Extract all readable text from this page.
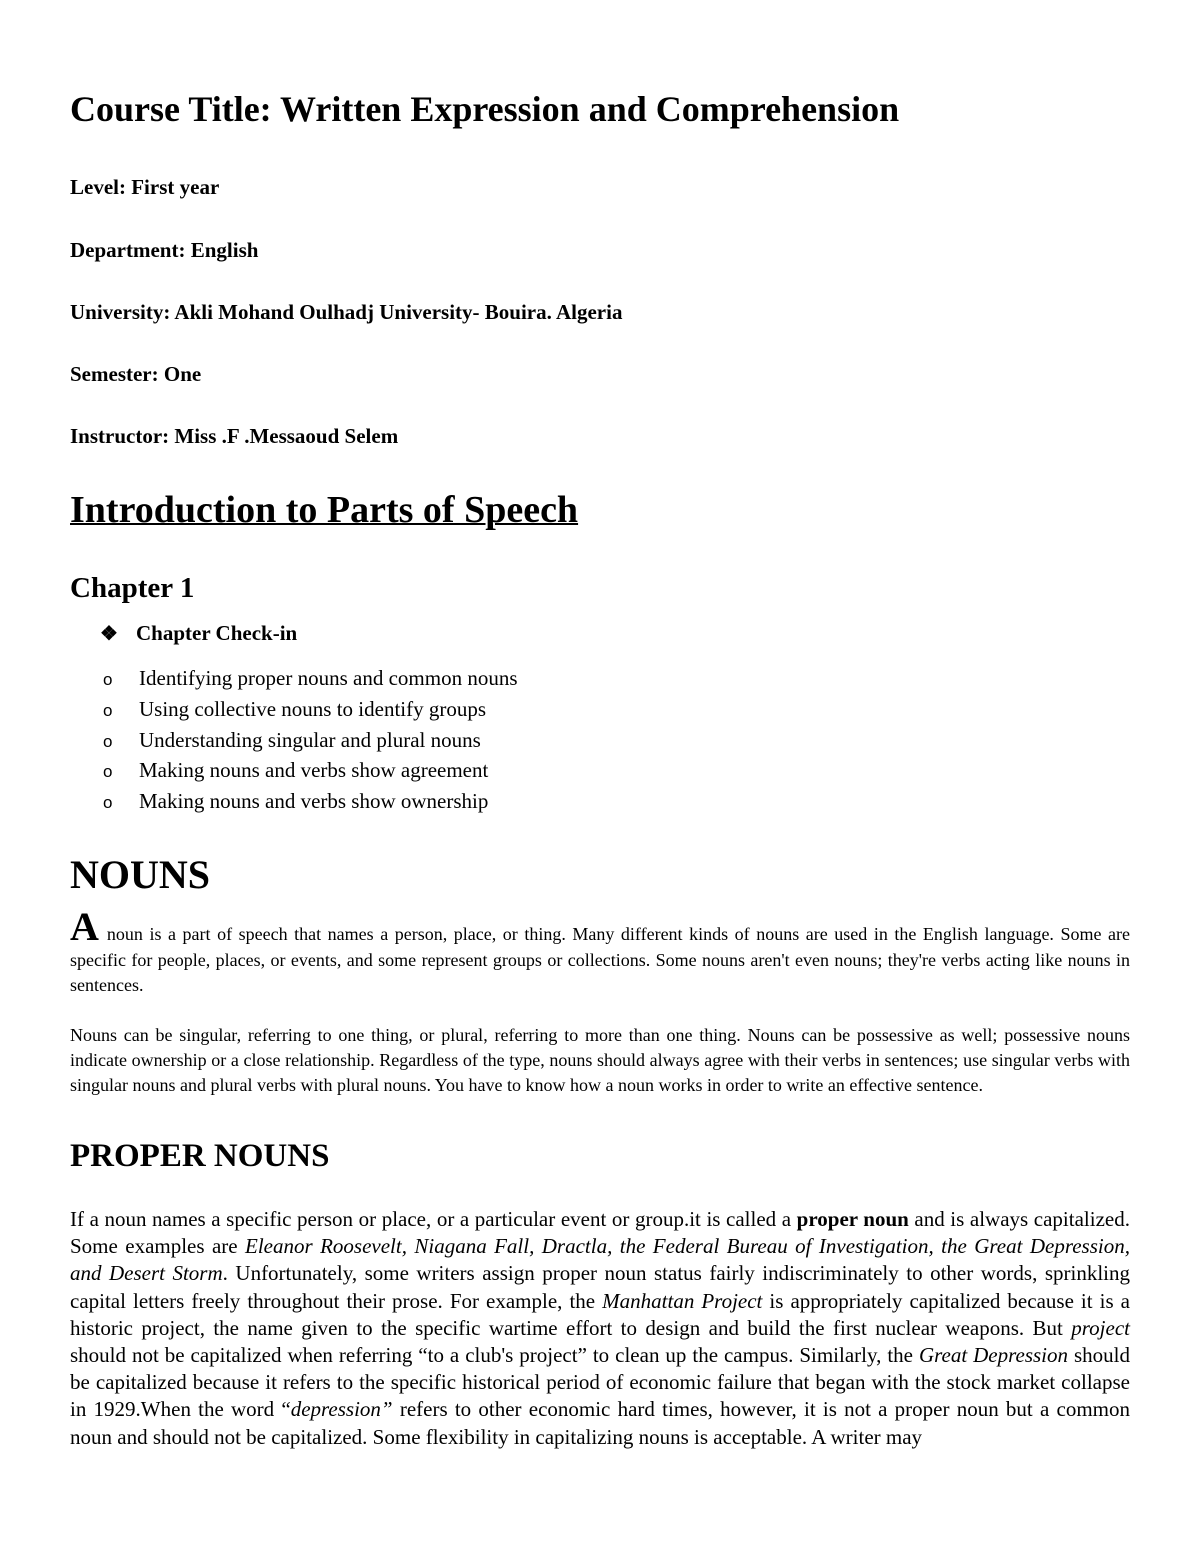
Course Title: Written Expression and Comprehension
Level: First year
Department: English
University: Akli Mohand Oulhadj University- Bouira. Algeria
Semester: One
Instructor: Miss .F .Messaoud Selem
Introduction to Parts of Speech
Chapter 1
❖ Chapter Check-in
o Identifying proper nouns and common nouns
o Using collective nouns to identify groups
o Understanding singular and plural nouns
o Making nouns and verbs show agreement
o Making nouns and verbs show ownership
NOUNS

Anoun is a part of speech that names a person, place, or thing. Many different kinds of nouns are used in the English language. Some are specific for people, places, or events, and some represent groups or collections. Some nouns aren't even nouns; they're verbs acting like nouns in sentences.

Nouns can be singular, referring to one thing, or plural, referring to more than one thing. Nouns can be possessive as well; possessive nouns indicate ownership or a close relationship. Regardless of the type, nouns should always agree with their verbs in sentences; use singular verbs with singular nouns and plural verbs with plural nouns. You have to know how a noun works in order to write an effective sentence.

PROPER NOUNS

If a noun names a specific person or place, or a particular event or group.it is called a proper noun and is always capitalized. Some examples are Eleanor Roosevelt, Niagana Fall, Dractla, the Federal Bureau of Investigation, the Great Depression, and Desert Storm. Unfortunately, some writers assign proper noun status fairly indiscriminately to other words, sprinkling capital letters freely throughout their prose. For example, the Manhattan Project is appropriately capitalized because it is a historic project, the name given to the specific wartime effort to design and build the first nuclear weapons. But project should not be capitalized when referring “to a club's project” to clean up the campus. Similarly, the Great Depression should be capitalized because it refers to the specific historical period of economic failure that began with the stock market collapse in 1929.When the word “depression” refers to other economic hard times, however, it is not a proper noun but a common noun and should not be capitalized. Some flexibility in capitalizing nouns is acceptable. A writer may
